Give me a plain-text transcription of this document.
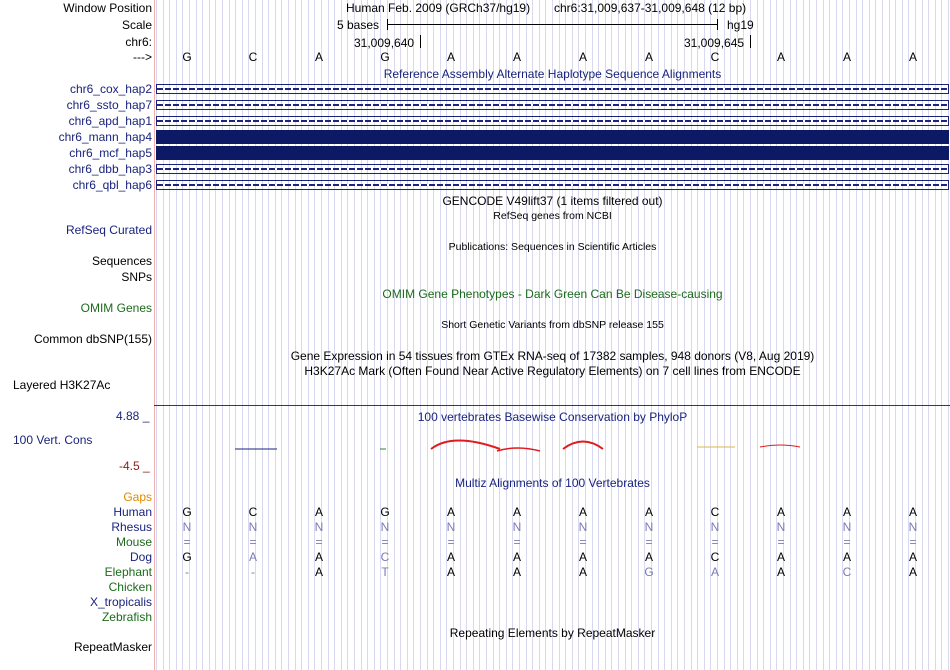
Window Position
Scale
chr6:
--->
Human Feb. 2009 (GRCh37/hg19) chr6:31,009,637-31,009,648 (12 bp)
5 bases	hg19
31,009,640	31,009,645
G	C	A	G	A	A	A	A	C	A	A	A
Reference Assembly Alternate Haplotype Sequence Alignments
chr6_cox_hap2
chr6_ssto_hap7
chr6_apd_hap1
chr6_mann_hap4
chr6_mcf_hap5
chr6_dbb_hap3
chr6_qbl_hap6
GENCODE V49lift37 (1 items filtered out)
RefSeq genes from NCBI
RefSeq Curated
Publications: Sequences in Scientific Articles
Sequences
SNPs
OMIM Gene Phenotypes - Dark Green Can Be Disease-causing
OMIM Genes
Short Genetic Variants from dbSNP release 155
Common dbSNP(155)
Gene Expression in 54 tissues from GTEx RNA-seq of 17382 samples, 948 donors (V8, Aug 2019)
H3K27Ac Mark (Often Found Near Active Regulatory Elements) on 7 cell lines from ENCODE
Layered H3K27Ac
4.88 _	100 vertebrates Basewise Conservation by PhyloP
100 Vert. Cons
-4.5 _
Multiz Alignments of 100 Vertebrates
Gaps
Human	G	C	A	G	A	A	A	A	C	A	A	A
Rhesus	N	N	N	N	N	N	N	N	N	N	N	N
Mouse	=	=	=	=	=	=	=	=	=	=	=	=
Dog	G	A	A	C	A	A	A	A	C	A	A	A
Elephant	-	-	A	T	A	A	A	G	A	A	C	A
Chicken
X_tropicalis
Zebrafish
Repeating Elements by RepeatMasker
RepeatMasker
